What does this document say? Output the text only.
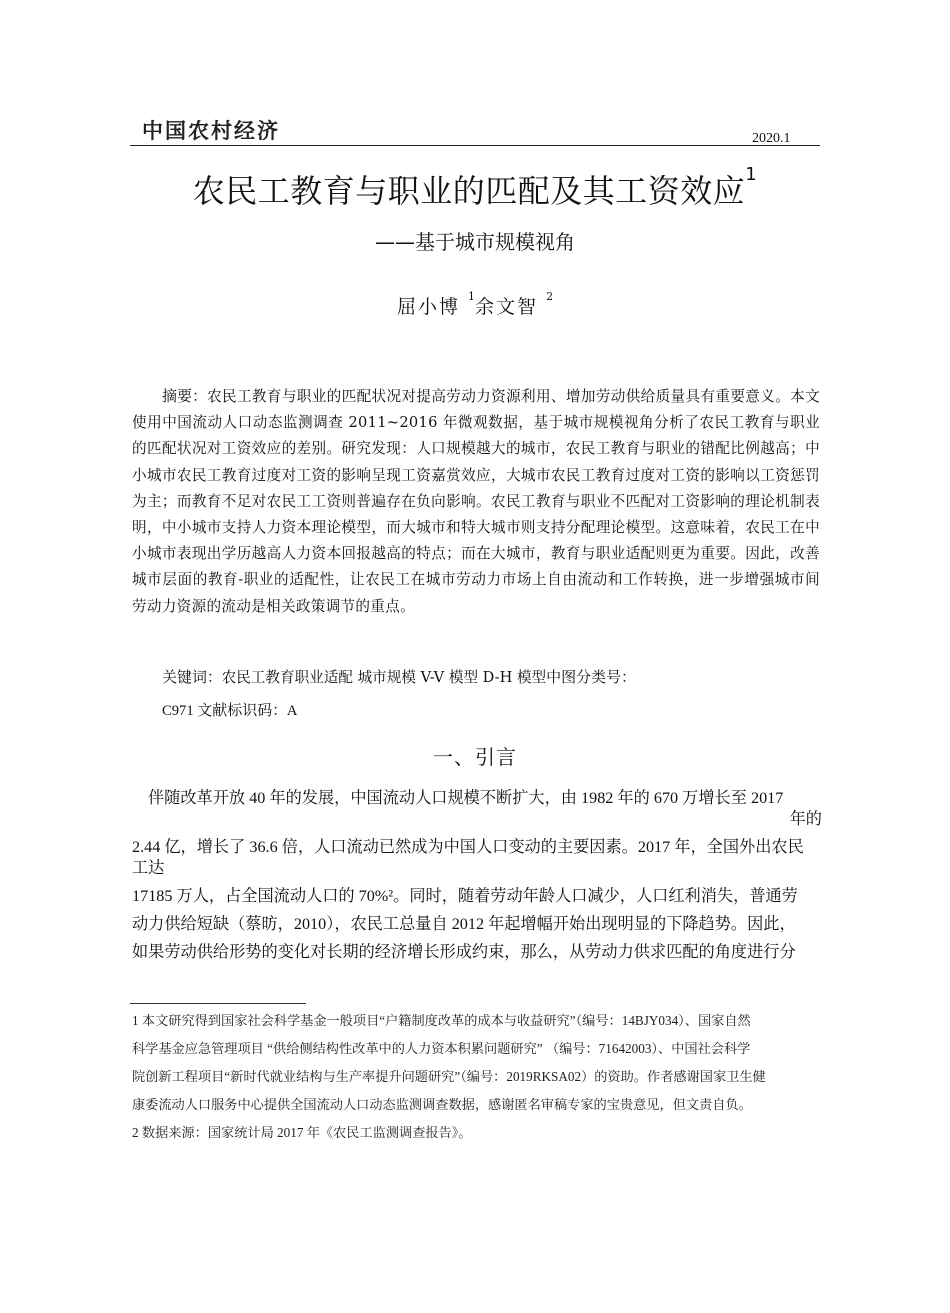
中国农村经济	2020.1
农民工教育与职业的匹配及其工资效应$^1$
——基于城市规模视角
屈小博 $^1$余文智 $^2$
摘要：农民工教育与职业的匹配状况对提高劳动力资源利用、增加劳动供给质量具有重要意义。本文使用中国流动人口动态监测调查 2011~2016 年微观数据，基于城市规模视角分析了农民工教育与职业的匹配状况对工资效应的差别。研究发现：人口规模越大的城市，农民工教育与职业的错配比例越高；中小城市农民工教育过度对工资的影响呈现工资嘉赏效应，大城市农民工教育过度对工资的影响以工资惩罚为主；而教育不足对农民工工资则普遍存在负向影响。农民工教育与职业不匹配对工资影响的理论机制表明，中小城市支持人力资本理论模型，而大城市和特大城市则支持分配理论模型。这意味着，农民工在中小城市表现出学历越高人力资本回报越高的特点；而在大城市，教育与职业适配则更为重要。因此，改善城市层面的教育-职业的适配性，让农民工在城市劳动力市场上自由流动和工作转换，进一步增强城市间劳动力资源的流动是相关政策调节的重点。
关键词：农民工教育职业适配 城市规模 V-V 模型 D-H 模型中图分类号：
C971 文献标识码：A
一、引言
伴随改革开放 40 年的发展，中国流动人口规模不断扩大，由 1982 年的 670 万增长至 2017
年的
2.44 亿，增长了 36.6 倍，人口流动已然成为中国人口变动的主要因素。2017 年，全国外出农民
工达
17185 万人，占全国流动人口的 70%²。同时，随着劳动年龄人口减少，人口红利消失，普通劳
动力供给短缺（蔡昉，2010），农民工总量自 2012 年起增幅开始出现明显的下降趋势。因此，
如果劳动供给形势的变化对长期的经济增长形成约束，那么，从劳动力供求匹配的角度进行分
1 本文研究得到国家社会科学基金一般项目“户籍制度改革的成本与收益研究”（编号：14BJY034）、国家自然
科学基金应急管理项目 “供给侧结构性改革中的人力资本积累问题研究” （编号：71642003）、中国社会科学
院创新工程项目“新时代就业结构与生产率提升问题研究”（编号：2019RKSA02）的资助。作者感谢国家卫生健
康委流动人口服务中心提供全国流动人口动态监测调查数据，感谢匿名审稿专家的宝贵意见，但文责自负。
2 数据来源：国家统计局 2017 年《农民工监测调查报告》。
